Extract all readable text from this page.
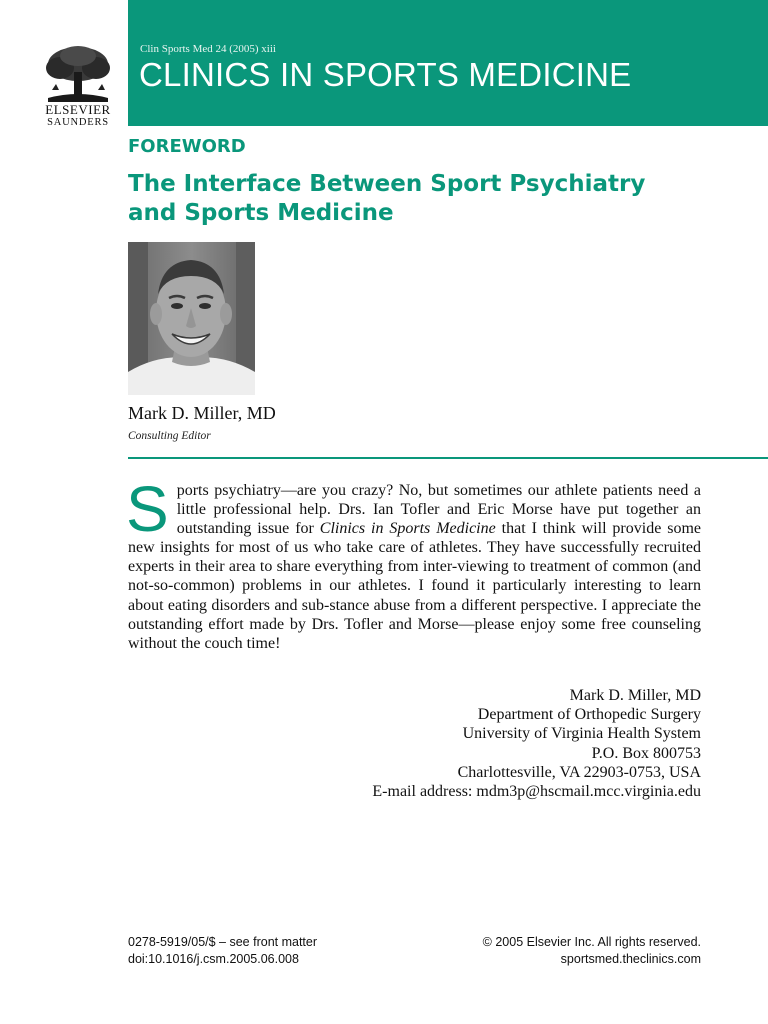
ELSEVIER
SAUNDERS
Clin Sports Med 24 (2005) xiii
CLINICS IN SPORTS MEDICINE
FOREWORD
The Interface Between Sport Psychiatry
and Sports Medicine
Mark D. Miller, MD
Consulting Editor
Sports psychiatry—are you crazy? No, but sometimes our athlete patients need a little professional help. Drs. Ian Tofler and Eric Morse have put together an outstanding issue for Clinics in Sports Medicine that I think will provide some new insights for most of us who take care of athletes. They have successfully recruited experts in their area to share everything from inter-viewing to treatment of common (and not-so-common) problems in our athletes. I found it particularly interesting to learn about eating disorders and sub-stance abuse from a different perspective. I appreciate the outstanding effort made by Drs. Tofler and Morse—please enjoy some free counseling without the couch time!
Mark D. Miller, MD
Department of Orthopedic Surgery
University of Virginia Health System
P.O. Box 800753
Charlottesville, VA 22903-0753, USA
E-mail address: mdm3p@hscmail.mcc.virginia.edu
0278-5919/05/$ – see front matter
doi:10.1016/j.csm.2005.06.008
© 2005 Elsevier Inc. All rights reserved.
sportsmed.theclinics.com
